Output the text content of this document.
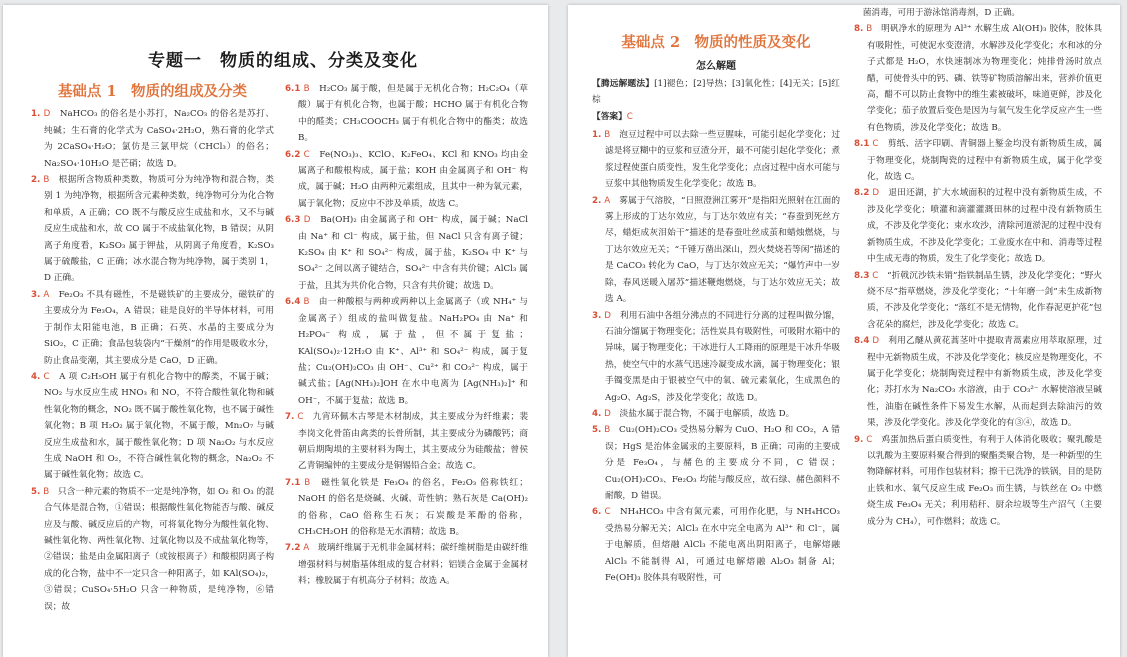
专题一　物质的组成、分类及变化

基础点 1　物质的组成及分类

1. D　 NaHCO₃ 的俗名是小苏打，Na₂CO₃ 的俗名是苏打、纯碱；生石膏的化学式为 CaSO₄·2H₂O，熟石膏的化学式为 2CaSO₄·H₂O；氯仿是三氯甲烷（CHCl₃）的俗名；Na₂SO₄·10H₂O 是芒硝；故选 D。

2. B　 根据所含物质种类数，物质可分为纯净物和混合物，类别 1 为纯净物，根据所含元素种类数，纯净物可分为化合物和单质，A 正确；CO 既不与酸反应生成盐和水，又不与碱反应生成盐和水，故 CO 属于不成盐氧化物，B 错误；从阴离子角度看，K₂SO₃ 属于钾盐，从阴离子角度看，K₂SO₃ 属于硫酸盐，C 正确；冰水混合物为纯净物，属于类别 1，D 正确。

3. A　 Fe₂O₃ 不具有磁性，不是磁铁矿的主要成分，磁铁矿的主要成分为 Fe₃O₄，A 错误；硅是良好的半导体材料，可用于制作太阳能电池，B 正确；石英、水晶的主要成分为 SiO₂，C 正确；食品包装袋内“干燥剂”的作用是吸收水分，防止食品变潮，其主要成分是 CaO，D 正确。

4. C　 A 项 C₂H₅OH 属于有机化合物中的醇类，不属于碱；NO₂ 与水反应生成 HNO₃ 和 NO，不符合酸性氧化物和碱性氧化物的概念，NO₂ 既不属于酸性氧化物，也不属于碱性氧化物；B 项 H₂O₂ 属于氧化物，不属于酸，Mn₂O₇ 与碱反应生成盐和水，属于酸性氧化物；D 项 Na₂O₂ 与水反应生成 NaOH 和 O₂，不符合碱性氧化物的概念，Na₂O₂ 不属于碱性氧化物；故选 C。

5. B　 只含一种元素的物质不一定是纯净物，如 O₂ 和 O₃ 的混合气体是混合物，①错误；根据酸性氧化物能否与酸、碱反应及与酸、碱反应后的产物，可将氧化物分为酸性氧化物、碱性氧化物、两性氧化物、过氧化物以及不成盐氧化物等，②错误；盐是由金属阳离子（或铵根离子）和酸根阴离子构成的化合物，盐中不一定只含一种阳离子，如 KAl(SO₄)₂，③错误；CuSO₄·5H₂O 只含一种物质，是纯净物，⑥错误；故

6.1 B　 H₂CO₃ 属于酸，但是属于无机化合物；H₂C₂O₄（草酸）属于有机化合物，也属于酸；HCHO 属于有机化合物中的醛类；CH₃COOCH₃ 属于有机化合物中的酯类；故选 B。

6.2 C　 Fe(NO₃)₃、KClO、K₂FeO₄、KCl 和 KNO₃ 均由金属离子和酸根构成，属于盐；KOH 由金属离子和 OH⁻ 构成，属于碱；H₂O 由两种元素组成，且其中一种为氧元素，属于氧化物；反应中不涉及单质，故选 C。

6.3 D　 Ba(OH)₂ 由金属离子和 OH⁻ 构成，属于碱；NaCl 由 Na⁺ 和 Cl⁻ 构成，属于盐，但 NaCl 只含有离子键；K₂SO₄ 由 K⁺ 和 SO₄²⁻ 构成，属于盐，K₂SO₄ 中 K⁺ 与 SO₄²⁻ 之间以离子键结合，SO₄²⁻ 中含有共价键；AlCl₃ 属于盐，且其为共价化合物，只含有共价键；故选 D。

6.4 B　 由一种酸根与两种或两种以上金属离子（或 NH₄⁺ 与金属离子）组成的盐叫做复盐。NaH₂PO₄ 由 Na⁺ 和 H₂PO₄⁻ 构成，属于盐，但不属于复盐；KAl(SO₄)₂·12H₂O 由 K⁺、Al³⁺ 和 SO₄²⁻ 构成，属于复盐；Cu₂(OH)₂CO₃ 由 OH⁻、Cu²⁺ 和 CO₃²⁻ 构成，属于碱式盐；[Ag(NH₃)₂]OH 在水中电离为 [Ag(NH₃)₂]⁺ 和 OH⁻，不属于复盐；故选 B。

7. C　 九宵环佩木古琴是木材制成，其主要成分为纤维素；裴李岗文化骨笛由禽类的长骨所制，其主要成分为磷酸钙；商朝后期陶埙的主要材料为陶土，其主要成分为硅酸盐；曾侯乙青铜编钟的主要成分是铜锡铅合金；故选 C。

7.1 B　 磁性氧化铁是 Fe₃O₄ 的俗名，Fe₂O₃ 俗称铁红；NaOH 的俗名是烧碱、火碱、苛性钠；熟石灰是 Ca(OH)₂ 的俗称，CaO 俗称生石灰；石炭酸是苯酚的俗称，CH₃CH₂OH 的俗称是无水酒精；故选 B。

7.2 A　 玻璃纤维属于无机非金属材料；碳纤维树脂是由碳纤维增强材料与树脂基体组成的复合材料；铝镁合金属于金属材料；橡胶属于有机高分子材料；故选 A。

基础点 2　物质的性质及变化

怎么解题

【腾远解题法】[1]褪色；[2]导热；[3]氧化性；[4]无关；[5]红棕

【答案】C

1. B　 泡豆过程中可以去除一些豆腥味，可能引起化学变化；过滤是将豆糊中的豆浆和豆渣分开，最不可能引起化学变化；煮浆过程使蛋白质变性，发生化学变化；点卤过程中卤水可能与豆浆中其他物质发生化学变化；故选 B。

2. A　 雾属于气溶胶，“日照澄洲江雾开”是指阳光照射在江面的雾上形成的丁达尔效应，与丁达尔效应有关；“春蚕到死丝方尽，蜡炬成灰泪始干”描述的是春蚕吐丝成茧和蜡烛燃烧，与丁达尔效应无关；“千锤万凿出深山，烈火焚烧若等闲”描述的是 CaCO₃ 转化为 CaO，与丁达尔效应无关；“爆竹声中一岁除，春风送暖入屠苏”描述鞭炮燃烧，与丁达尔效应无关；故选 A。

3. D　 利用石油中各组分沸点的不同进行分离的过程叫做分馏，石油分馏属于物理变化；活性炭具有吸附性，可吸附水箱中的异味，属于物理变化；干冰进行人工降雨的原理是干冰升华吸热，使空气中的水蒸气迅速冷凝变成水滴，属于物理变化；银手镯变黑是由于银被空气中的氧、硫元素氧化，生成黑色的 Ag₂O、Ag₂S，涉及化学变化；故选 D。

4. D　 淡盐水属于混合物，不属于电解质，故选 D。

5. B　 Cu₂(OH)₂CO₃ 受热易分解为 CuO、H₂O 和 CO₂，A 错误；HgS 是治体金属汞的主要原料，B 正确；司南的主要成分是 Fe₃O₄，与赭色的主要成分不同，C 错误；Cu₂(OH)₂CO₃、Fe₂O₃ 均能与酸反应，故石绿、赭色颜料不耐酸，D 错误。

6. C　 NH₄HCO₃ 中含有氮元素，可用作化肥，与 NH₄HCO₃ 受热易分解无关；AlCl₃ 在水中完全电离为 Al³⁺ 和 Cl⁻，属于电解质，但熔融 AlCl₃ 不能电离出阴阳离子，电解熔融 AlCl₃ 不能制得 Al，可通过电解熔融 Al₂O₃ 制备 Al；Fe(OH)₃ 胶体具有吸附性，可

　菌消毒，可用于游泳馆消毒剂，D 正确。

8. B　 明矾净水的原理为 Al³⁺ 水解生成 Al(OH)₃ 胶体，胶体具有吸附性，可使泥水变澄清，水解涉及化学变化；水和冰的分子式都是 H₂O，水快速制冰为物理变化；炖排骨汤时放点醋，可使骨头中的钙、磷、铁等矿物质溶解出来，营养价值更高，醋不可以防止食物中的维生素被破坏，味道更鲜，涉及化学变化；茄子放置后变色是因为与氧气发生化学反应产生一些有色物质，涉及化学变化；故选 B。

8.1 C　 剪纸、活字印刷、青铜器上錾金均没有新物质生成，属于物理变化，烧制陶瓷的过程中有新物质生成，属于化学变化，故选 C。

8.2 D　 退田还湖，扩大水域面积的过程中没有新物质生成，不涉及化学变化；喷灌和滴灌灌溉田林的过程中没有新物质生成，不涉及化学变化；束水攻沙，清除河道淤泥的过程中没有新物质生成，不涉及化学变化；工业废水在中和、消毒等过程中生成无毒的物质，发生了化学变化；故选 D。

8.3 C　 “折戟沉沙铁未销”指铁制品生锈，涉及化学变化；“野火烧不尽”指草燃烧，涉及化学变化；“十年磨一剑”未生成新物质，不涉及化学变化；“落红不是无情物，化作春泥更护花”包含花朵的腐烂，涉及化学变化；故选 C。

8.4 D　 利用乙醚从黄花蒿茎叶中提取青蒿素应用萃取原理，过程中无新物质生成，不涉及化学变化；核反应是物理变化，不属于化学变化；烧制陶瓷过程中有新物质生成，涉及化学变化；苏打水为 Na₂CO₃ 水溶液，由于 CO₃²⁻ 水解使溶液呈碱性，油脂在碱性条件下易发生水解，从而起到去除油污的效果，涉及化学变化。涉及化学变化的有③④，故选 D。

9. C　 鸡蛋加热后蛋白质变性，有利于人体消化吸收；聚乳酸是以乳酸为主要原料聚合得到的聚酯类聚合物，是一种新型的生物降解材料，可用作包装材料；擦干已洗净的铁锅，目的是防止铁和水、氧气反应生成 Fe₂O₃ 而生锈，与铁丝在 O₂ 中燃烧生成 Fe₃O₄ 无关；利用秸秆、厨余垃圾等生产沼气（主要成分为 CH₄），可作燃料；故选 C。
